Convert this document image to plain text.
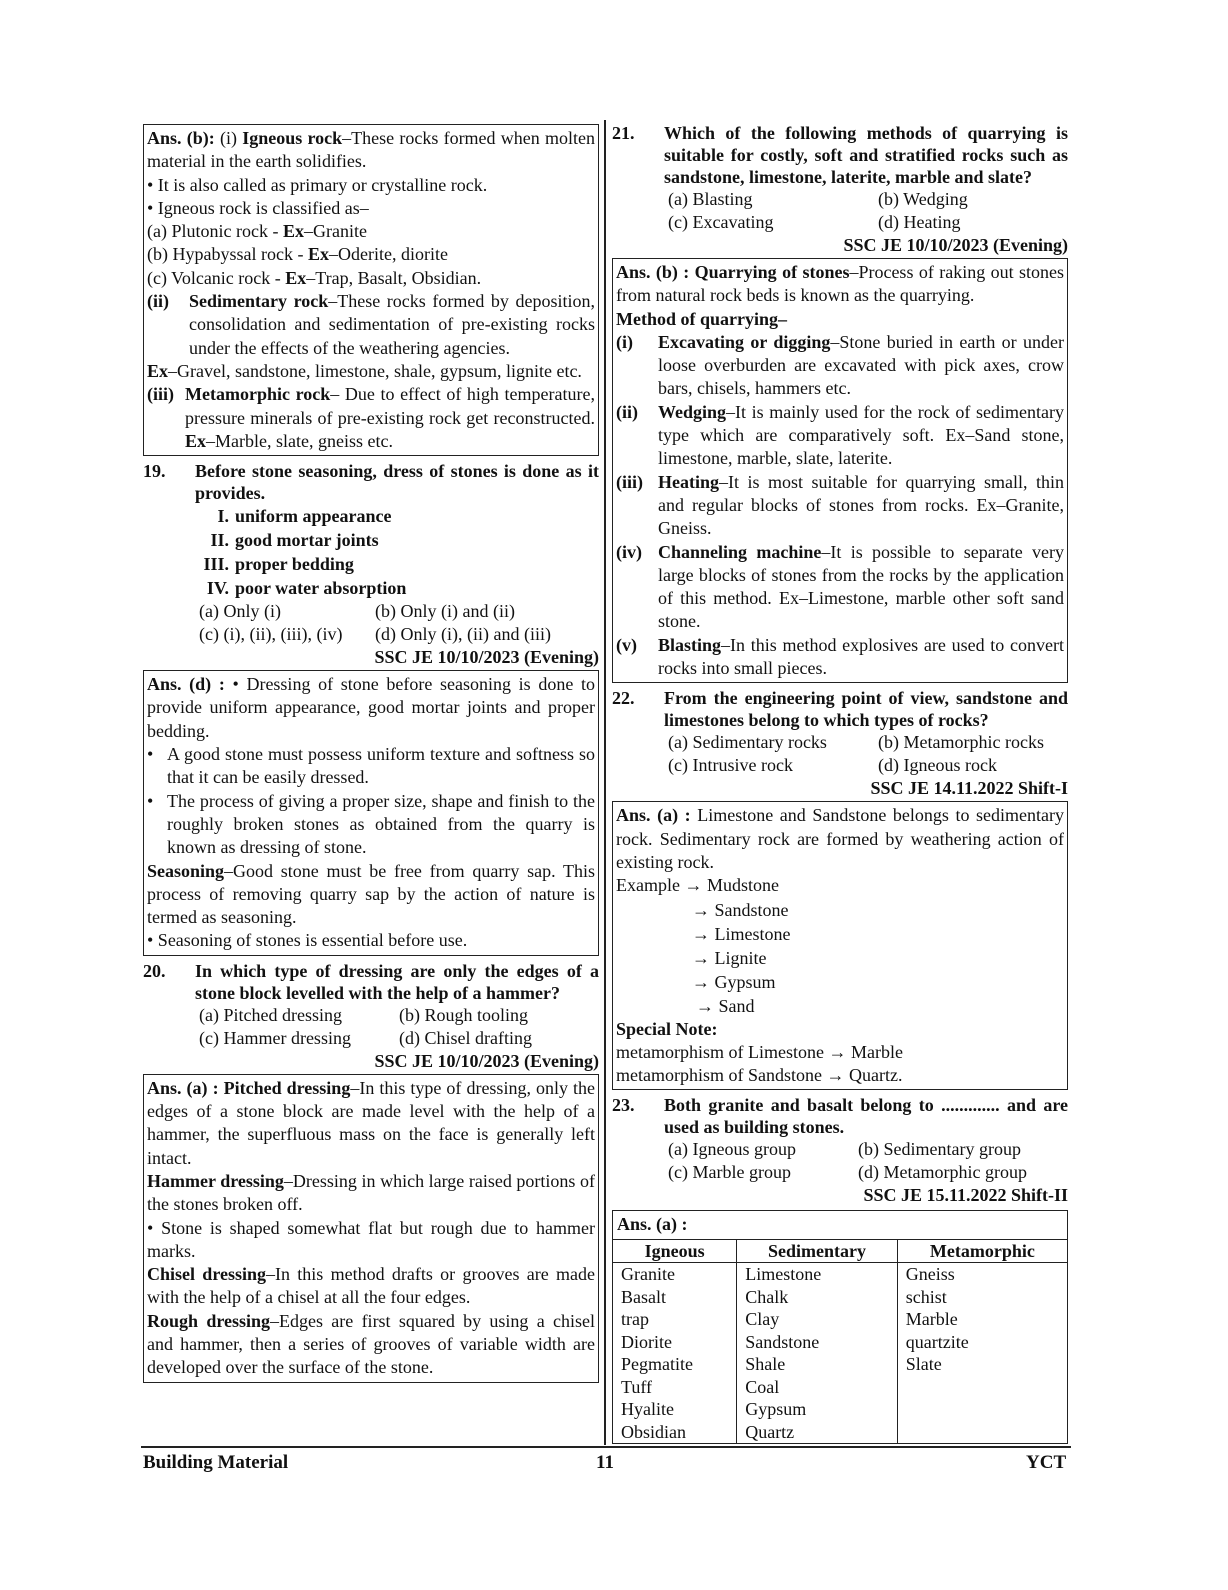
Ans. (b): (i) Igneous rock–These rocks formed when molten material in the earth solidifies.

• It is also called as primary or crystalline rock.

• Igneous rock is classified as–

(a) Plutonic rock - Ex–Granite

(b) Hypabyssal rock - Ex–Oderite, diorite

(c) Volcanic rock - Ex–Trap, Basalt, Obsidian.

(ii)	Sedimentary rock–These rocks formed by deposition, consolidation and sedimentation of pre-existing rocks under the effects of the weathering agencies.

Ex–Gravel, sandstone, limestone, shale, gypsum, lignite etc.

(iii) Metamorphic rock– Due to effect of high temperature, pressure minerals of pre-existing rock get reconstructed. Ex–Marble, slate, gneiss etc.

19.	Before stone seasoning, dress of stones is done as it provides.
I. uniform appearance
II. good mortar joints
III. proper bedding
IV. poor water absorption
(a) Only (i)	(b) Only (i) and (ii)
(c) (i), (ii), (iii), (iv)	(d) Only (i), (ii) and (iii)
SSC JE 10/10/2023 (Evening)

Ans. (d) : • Dressing of stone before seasoning is done to provide uniform appearance, good mortar joints and proper bedding.

• A good stone must possess uniform texture and softness so that it can be easily dressed.

• The process of giving a proper size, shape and finish to the roughly broken stones as obtained from the quarry is known as dressing of stone.

Seasoning–Good stone must be free from quarry sap. This process of removing quarry sap by the action of nature is termed as seasoning.

• Seasoning of stones is essential before use.

20.	In which type of dressing are only the edges of a stone block levelled with the help of a hammer?
(a) Pitched dressing	(b) Rough tooling
(c) Hammer dressing	(d) Chisel drafting
SSC JE 10/10/2023 (Evening)

Ans. (a) : Pitched dressing–In this type of dressing, only the edges of a stone block are made level with the help of a hammer, the superfluous mass on the face is generally left intact.

Hammer dressing–Dressing in which large raised portions of the stones broken off.

• Stone is shaped somewhat flat but rough due to hammer marks.

Chisel dressing–In this method drafts or grooves are made with the help of a chisel at all the four edges.

Rough dressing–Edges are first squared by using a chisel and hammer, then a series of grooves of variable width are developed over the surface of the stone.

21.	Which of the following methods of quarrying is suitable for costly, soft and stratified rocks such as sandstone, limestone, laterite, marble and slate?
(a) Blasting	(b) Wedging
(c) Excavating	(d) Heating
SSC JE 10/10/2023 (Evening)

Ans. (b) : Quarrying of stones–Process of raking out stones from natural rock beds is known as the quarrying.

Method of quarrying–

(i)	Excavating or digging–Stone buried in earth or under loose overburden are excavated with pick axes, crow bars, chisels, hammers etc.

(ii)	Wedging–It is mainly used for the rock of sedimentary type which are comparatively soft. Ex–Sand stone, limestone, marble, slate, laterite.

(iii) Heating–It is most suitable for quarrying small, thin and regular blocks of stones from rocks. Ex–Granite, Gneiss.

(iv) Channeling machine–It is possible to separate very large blocks of stones from the rocks by the application of this method. Ex–Limestone, marble other soft sand stone.

(v)	Blasting–In this method explosives are used to convert rocks into small pieces.

22.	From the engineering point of view, sandstone and limestones belong to which types of rocks?
(a) Sedimentary rocks	(b) Metamorphic rocks
(c) Intrusive rock	(d) Igneous rock
SSC JE 14.11.2022 Shift-I

Ans. (a) : Limestone and Sandstone belongs to sedimentary rock. Sedimentary rock are formed by weathering action of existing rock.

Example → Mudstone

→ Sandstone
→ Limestone
→ Lignite
→ Gypsum
→ Sand

Special Note:

metamorphism of Limestone → Marble

metamorphism of Sandstone → Quartz.

23.	Both granite and basalt belong to ............. and are used as building stones.
(a) Igneous group	(b) Sedimentary group
(c) Marble group	(d) Metamorphic group
SSC JE 15.11.2022 Shift-II

Ans. (a) :

Igneous	Sedimentary	Metamorphic
Granite	Limestone	Gneiss
Basalt	Chalk	schist
trap	Clay	Marble
Diorite	Sandstone	quartzite
Pegmatite	Shale	Slate
Tuff	Coal	
Hyalite	Gypsum	
Obsidian	Quartz	
Building Material	11	YCT
